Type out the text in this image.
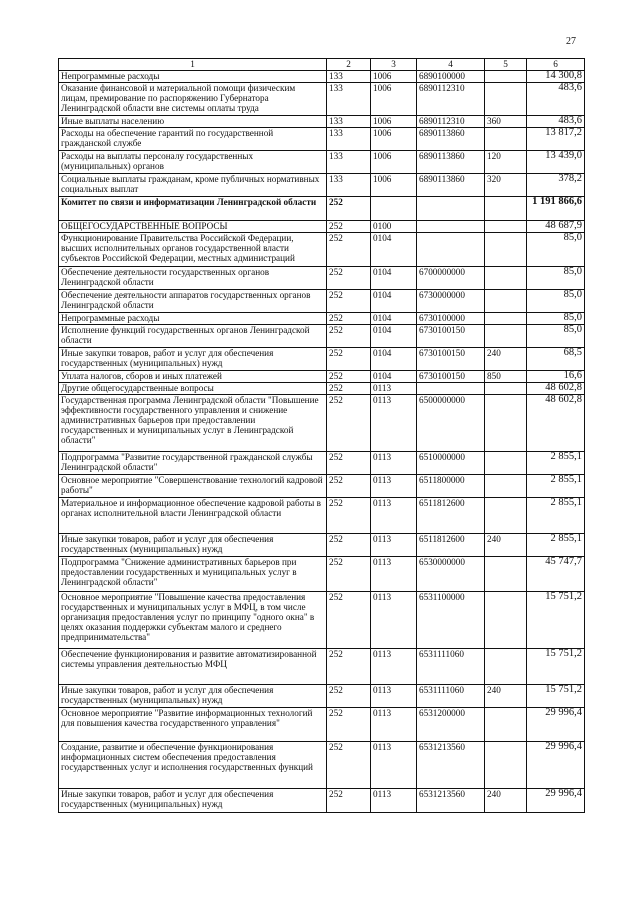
27
1	2	3	4	5	6
Непрограммные расходы	133	1006	6890100000		14 300,8
Оказание финансовой и материальной помощи физическим лицам, премирование по распоряжению Губернатора Ленинградской области вне системы оплаты труда	133	1006	6890112310		483,6
Иные выплаты населению	133	1006	6890112310	360	483,6
Расходы на обеспечение гарантий по государственной гражданской службе	133	1006	6890113860		13 817,2
Расходы на выплаты персоналу государственных (муниципальных) органов	133	1006	6890113860	120	13 439,0
Социальные выплаты гражданам, кроме публичных нормативных социальных выплат	133	1006	6890113860	320	378,2
Комитет по связи и информатизации Ленинградской области	252				1 191 866,6
ОБЩЕГОСУДАРСТВЕННЫЕ ВОПРОСЫ	252	0100			48 687,9
Функционирование Правительства Российской Федерации, высших исполнительных органов государственной власти субъектов Российской Федерации, местных администраций	252	0104			85,0
Обеспечение деятельности государственных органов Ленинградской области	252	0104	6700000000		85,0
Обеспечение деятельности аппаратов государственных органов Ленинградской области	252	0104	6730000000		85,0
Непрограммные расходы	252	0104	6730100000		85,0
Исполнение функций государственных органов Ленинградской области	252	0104	6730100150		85,0
Иные закупки товаров, работ и услуг для обеспечения государственных (муниципальных) нужд	252	0104	6730100150	240	68,5
Уплата налогов, сборов и иных платежей	252	0104	6730100150	850	16,6
Другие общегосударственные вопросы	252	0113			48 602,8
Государственная программа Ленинградской области "Повышение эффективности государственного управления и снижение административных барьеров при предоставлении государственных и муниципальных услуг в Ленинградской области"	252	0113	6500000000		48 602,8
Подпрограмма "Развитие государственной гражданской службы Ленинградской области"	252	0113	6510000000		2 855,1
Основное мероприятие "Совершенствование технологий кадровой работы"	252	0113	6511800000		2 855,1
Материальное и информационное обеспечение кадровой работы в органах исполнительной власти Ленинградской области	252	0113	6511812600		2 855,1
Иные закупки товаров, работ и услуг для обеспечения государственных (муниципальных) нужд	252	0113	6511812600	240	2 855,1
Подпрограмма "Снижение административных барьеров при предоставлении государственных и муниципальных услуг в Ленинградской области"	252	0113	6530000000		45 747,7
Основное мероприятие "Повышение качества предоставления государственных и муниципальных услуг в МФЦ, в том числе организация предоставления услуг по принципу "одного окна" в целях оказания поддержки субъектам малого и среднего предпринимательства"	252	0113	6531100000		15 751,2
Обеспечение функционирования и развитие автоматизированной системы управления деятельностью МФЦ	252	0113	6531111060		15 751,2
Иные закупки товаров, работ и услуг для обеспечения государственных (муниципальных) нужд	252	0113	6531111060	240	15 751,2
Основное мероприятие "Развитие информационных технологий для повышения качества государственного управления"	252	0113	6531200000		29 996,4
Создание, развитие и обеспечение функционирования информационных систем обеспечения предоставления государственных услуг и исполнения государственных функций	252	0113	6531213560		29 996,4
Иные закупки товаров, работ и услуг для обеспечения государственных (муниципальных) нужд	252	0113	6531213560	240	29 996,4
